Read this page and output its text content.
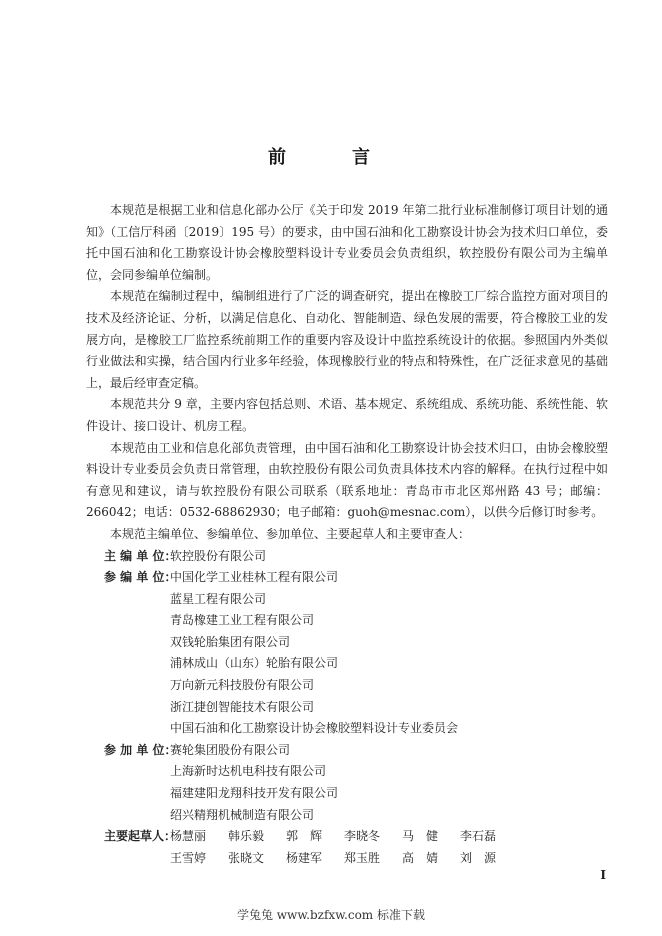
前　言

本规范是根据工业和信息化部办公厅《关于印发 2019 年第二批行业标准制修订项目计划的通知》（工信厅科函〔2019〕195 号）的要求，由中国石油和化工勘察设计协会为技术归口单位，委托中国石油和化工勘察设计协会橡胶塑料设计专业委员会负责组织，软控股份有限公司为主编单位，会同参编单位编制。

本规范在编制过程中，编制组进行了广泛的调查研究，提出在橡胶工厂综合监控方面对项目的技术及经济论证、分析，以满足信息化、自动化、智能制造、绿色发展的需要，符合橡胶工业的发展方向，是橡胶工厂监控系统前期工作的重要内容及设计中监控系统设计的依据。参照国内外类似行业做法和实操，结合国内行业多年经验，体现橡胶行业的特点和特殊性，在广泛征求意见的基础上，最后经审查定稿。

本规范共分 9 章，主要内容包括总则、术语、基本规定、系统组成、系统功能、系统性能、软件设计、接口设计、机房工程。

本规范由工业和信息化部负责管理，由中国石油和化工勘察设计协会技术归口，由协会橡胶塑料设计专业委员会负责日常管理，由软控股份有限公司负责具体技术内容的解释。在执行过程中如有意见和建议，请与软控股份有限公司联系（联系地址：青岛市市北区郑州路 43 号；邮编：266042；电话：0532-68862930；电子邮箱：guoh@mesnac.com），以供今后修订时参考。

本规范主编单位、参编单位、参加单位、主要起草人和主要审查人：

主 编 单 位：
软控股份有限公司
参 编 单 位：
中国化学工业桂林工程有限公司
蓝星工程有限公司
青岛橡建工业工程有限公司
双钱轮胎集团有限公司
浦林成山（山东）轮胎有限公司
万向新元科技股份有限公司
浙江捷创智能技术有限公司
中国石油和化工勘察设计协会橡胶塑料设计专业委员会
参 加 单 位：
赛轮集团股份有限公司
上海新时达机电科技有限公司
福建建阳龙翔科技开发有限公司
绍兴精翔机械制造有限公司
主要起草人：
杨慧丽	韩乐毅	郭　辉	李晓冬	马　健	李石磊
王雪婷	张晓文	杨建军	郑玉胜	高　婧	刘　源
I
学兔兔 www.bzfxw.com 标准下载
